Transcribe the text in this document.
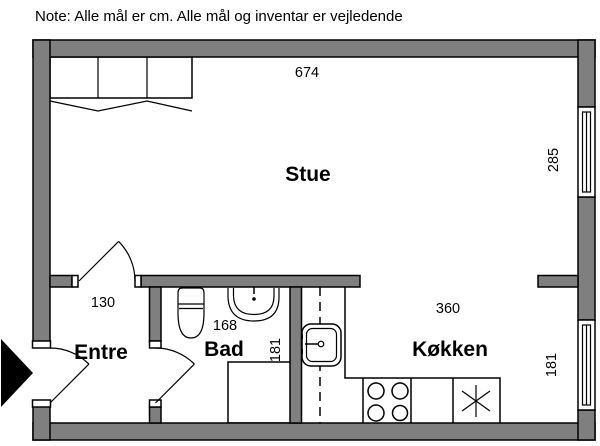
Note: Alle mål er cm. Alle mål og inventar er vejledende
Stue
Entre	Bad	Køkken
674
285
181
360
130
168
181
